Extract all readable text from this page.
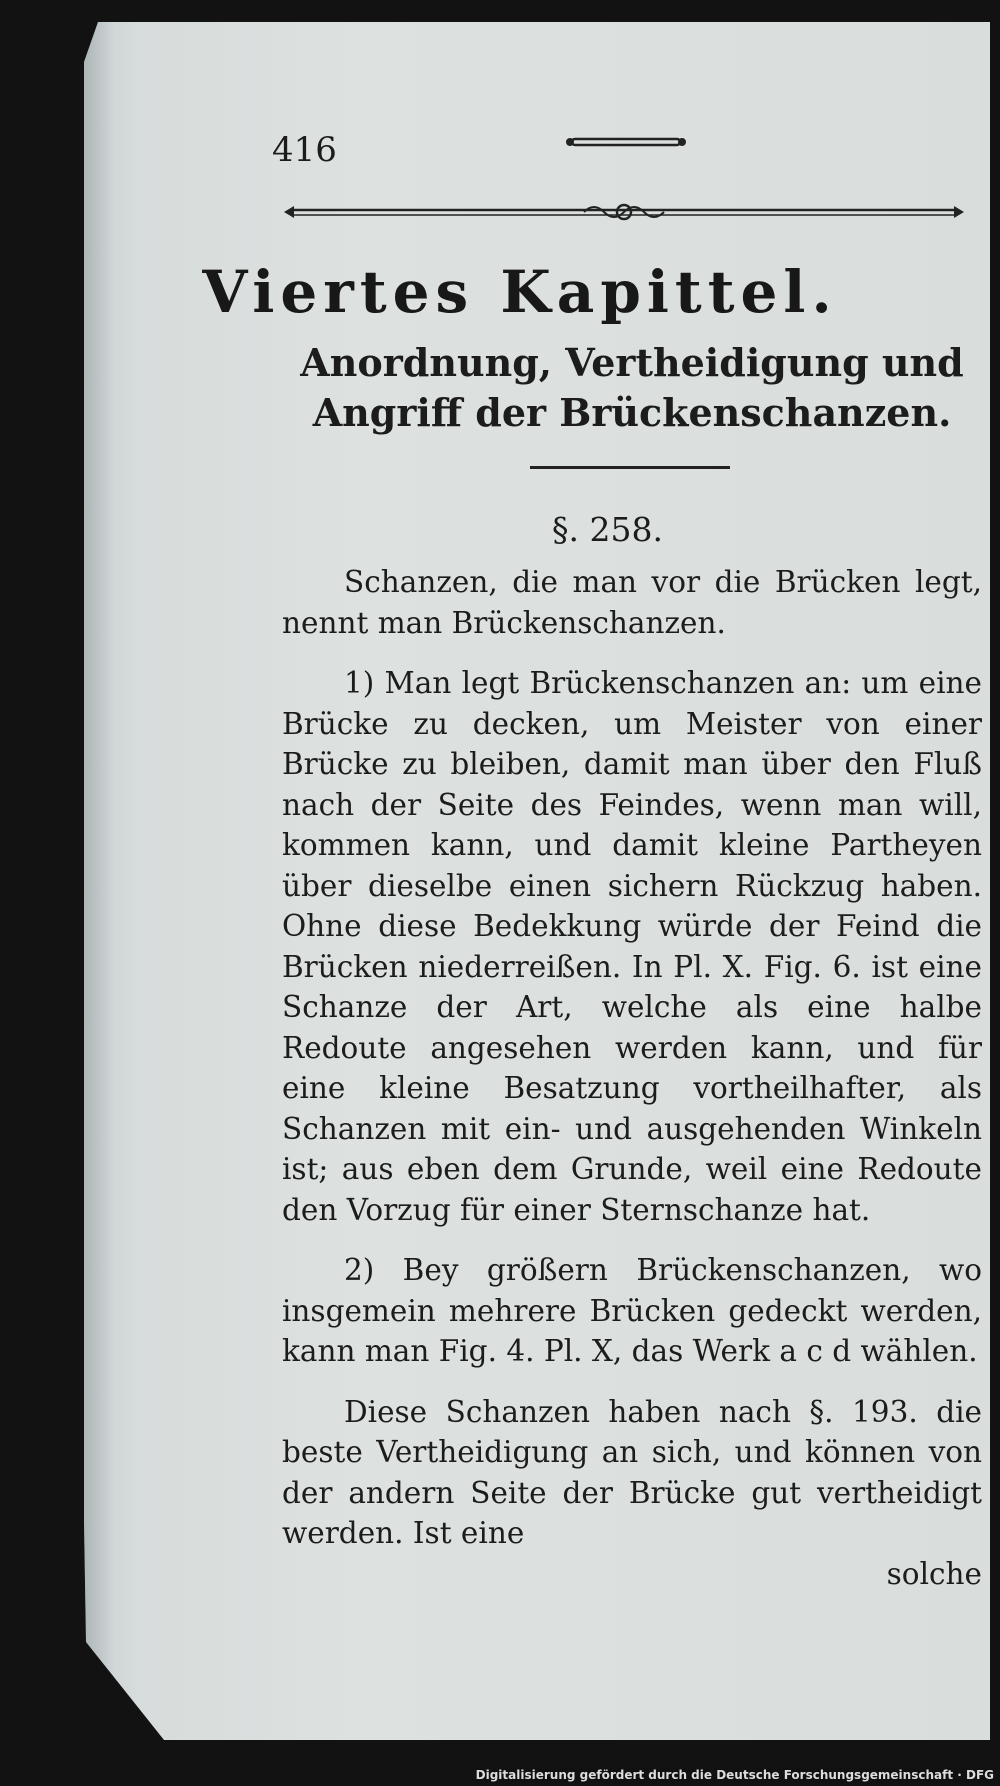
416
Viertes Kapittel.
Anordnung, Vertheidigung und Angriff der Brückenschanzen.
§. 258.

Schanzen, die man vor die Brücken legt, nennt man Brückenschanzen.

1) Man legt Brückenschanzen an: um eine Brücke zu decken, um Meister von einer Brücke zu bleiben, damit man über den Fluß nach der Seite des Feindes, wenn man will, kommen kann, und damit kleine Partheyen über dieselbe einen sichern Rückzug haben. Ohne diese Bedekkung würde der Feind die Brücken niederreißen. In Pl. X. Fig. 6. ist eine Schanze der Art, welche als eine halbe Redoute angesehen werden kann, und für eine kleine Besatzung vortheilhafter, als Schanzen mit ein- und ausgehenden Winkeln ist; aus eben dem Grunde, weil eine Redoute den Vorzug für einer Sternschanze hat.

2) Bey größern Brückenschanzen, wo insgemein mehrere Brücken gedeckt werden, kann man Fig. 4. Pl. X, das Werk a c d wählen.

Diese Schanzen haben nach §. 193. die beste Vertheidigung an sich, und können von der andern Seite der Brücke gut vertheidigt werden. Ist eine

solche

Digitalisierung gefördert durch die Deutsche Forschungsgemeinschaft · DFG
